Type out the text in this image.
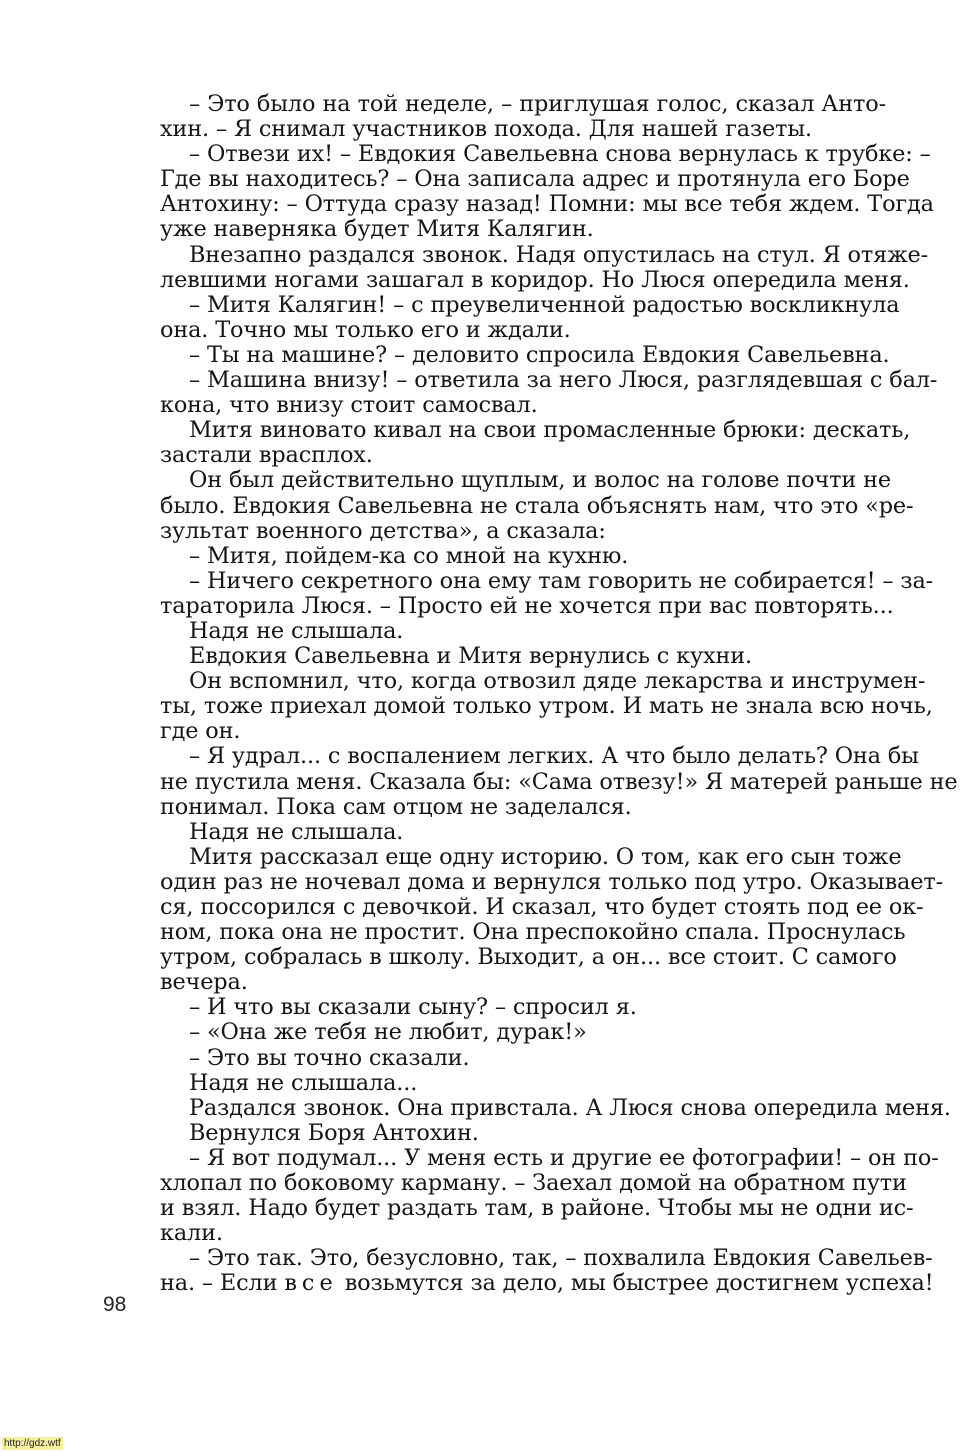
– Это было на той неделе, – приглушая голос, сказал Анто-
хин. – Я снимал участников похода. Для нашей газеты.
– Отвези их! – Евдокия Савельевна снова вернулась к трубке: –
Где вы находитесь? – Она записала адрес и протянула его Боре
Антохину: – Оттуда сразу назад! Помни: мы все тебя ждем. Тогда
уже наверняка будет Митя Калягин.
Внезапно раздался звонок. Надя опустилась на стул. Я отяже-
левшими ногами зашагал в коридор. Но Люся опередила меня.
– Митя Калягин! – с преувеличенной радостью воскликнула
она. Точно мы только его и ждали.
– Ты на машине? – деловито спросила Евдокия Савельевна.
– Машина внизу! – ответила за него Люся, разглядевшая с бал-
кона, что внизу стоит самосвал.
Митя виновато кивал на свои промасленные брюки: дескать,
застали врасплох.
Он был действительно щуплым, и волос на голове почти не
было. Евдокия Савельевна не стала объяснять нам, что это «ре-
зультат военного детства», а сказала:
– Митя, пойдем-ка со мной на кухню.
– Ничего секретного она ему там говорить не собирается! – за-
тараторила Люся. – Просто ей не хочется при вас повторять...
Надя не слышала.
Евдокия Савельевна и Митя вернулись с кухни.
Он вспомнил, что, когда отвозил дяде лекарства и инструмен-
ты, тоже приехал домой только утром. И мать не знала всю ночь,
где он.
– Я удрал... с воспалением легких. А что было делать? Она бы
не пустила меня. Сказала бы: «Сама отвезу!» Я матерей раньше не
понимал. Пока сам отцом не заделался.
Надя не слышала.
Митя рассказал еще одну историю. О том, как его сын тоже
один раз не ночевал дома и вернулся только под утро. Оказывает-
ся, поссорился с девочкой. И сказал, что будет стоять под ее ок-
ном, пока она не простит. Она преспокойно спала. Проснулась
утром, собралась в школу. Выходит, а он... все стоит. С самого
вечера.
– И что вы сказали сыну? – спросил я.
– «Она же тебя не любит, дурак!»
– Это вы точно сказали.
Надя не слышала...
Раздался звонок. Она привстала. А Люся снова опередила меня.
Вернулся Боря Антохин.
– Я вот подумал... У меня есть и другие ее фотографии! – он по-
хлопал по боковому карману. – Заехал домой на обратном пути
и взял. Надо будет раздать там, в районе. Чтобы мы не одни ис-
кали.
– Это так. Это, безусловно, так, – похвалила Евдокия Савельев-
на. – Если все возьмутся за дело, мы быстрее достигнем успеха!
98
http://gdz.wtf
